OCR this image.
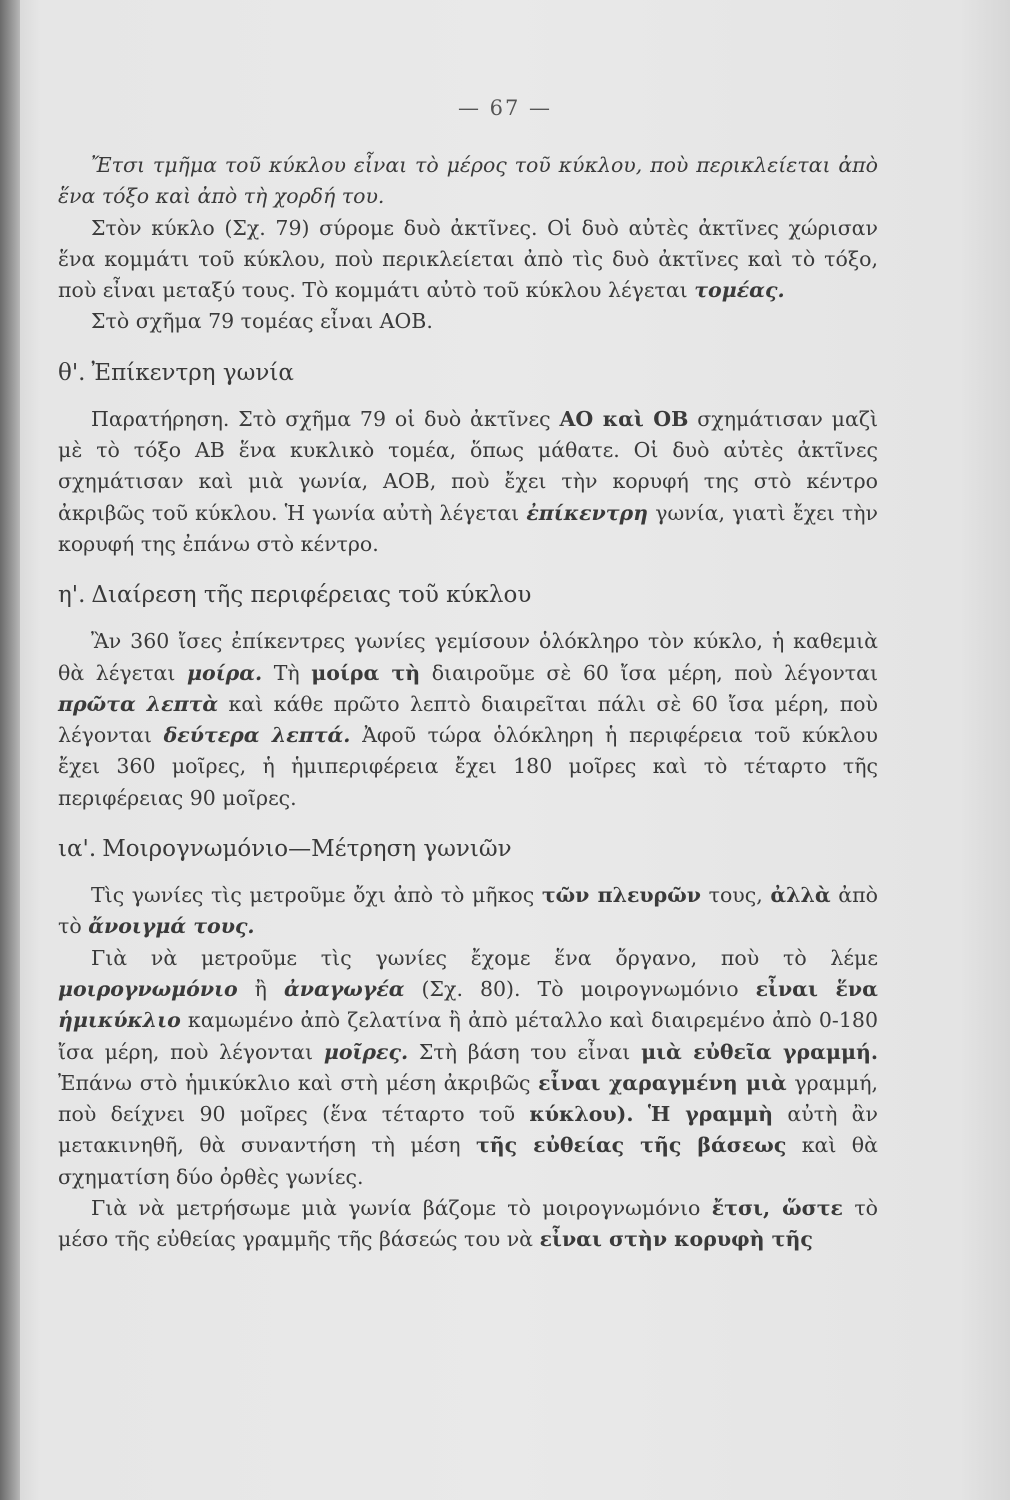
— 67 —

Ἔτσι τμῆμα τοῦ κύκλου εἶναι τὸ μέρος τοῦ κύκλου, ποὺ περικλείεται ἀπὸ ἕνα τόξο καὶ ἀπὸ τὴ χορδή του.

Στὸν κύκλο (Σχ. 79) σύρομε δυὸ ἀκτῖνες. Οἱ δυὸ αὐτὲς ἀκτῖνες χώρισαν ἕνα κομμάτι τοῦ κύκλου, ποὺ περικλείεται ἀπὸ τὶς δυὸ ἀκτῖνες καὶ τὸ τόξο, ποὺ εἶναι μεταξύ τους. Τὸ κομμάτι αὐτὸ τοῦ κύκλου λέγεται τομέας.

Στὸ σχῆμα 79 τομέας εἶναι ΑΟΒ.

θ'. Ἐπίκεντρη γωνία

Παρατήρηση. Στὸ σχῆμα 79 οἱ δυὸ ἀκτῖνες ΑΟ καὶ ΟΒ σχημάτισαν μαζὶ μὲ τὸ τόξο ΑΒ ἕνα κυκλικὸ τομέα, ὅπως μάθατε. Οἱ δυὸ αὐτὲς ἀκτῖνες σχημάτισαν καὶ μιὰ γωνία, ΑΟΒ, ποὺ ἔχει τὴν κορυφή της στὸ κέντρο ἀκριβῶς τοῦ κύκλου. Ἡ γωνία αὐτὴ λέγεται ἐπίκεντρη γωνία, γιατὶ ἔχει τὴν κορυφή της ἐπάνω στὸ κέντρο.

η'. Διαίρεση τῆς περιφέρειας τοῦ κύκλου

Ἂν 360 ἴσες ἐπίκεντρες γωνίες γεμίσουν ὁλόκληρο τὸν κύκλο, ἡ καθεμιὰ θὰ λέγεται μοίρα. Τὴ μοίρα τὴ διαιροῦμε σὲ 60 ἴσα μέρη, ποὺ λέγονται πρῶτα λεπτὰ καὶ κάθε πρῶτο λεπτὸ διαιρεῖται πάλι σὲ 60 ἴσα μέρη, ποὺ λέγονται δεύτερα λεπτά. Ἀφοῦ τώρα ὁλόκληρη ἡ περιφέρεια τοῦ κύκλου ἔχει 360 μοῖρες, ἡ ἡμιπεριφέρεια ἔχει 180 μοῖρες καὶ τὸ τέταρτο τῆς περιφέρειας 90 μοῖρες.

ια'. Μοιρογνωμόνιο—Μέτρηση γωνιῶν

Τὶς γωνίες τὶς μετροῦμε ὄχι ἀπὸ τὸ μῆκος τῶν πλευρῶν τους, ἀλλὰ ἀπὸ τὸ ἄνοιγμά τους.

Γιὰ νὰ μετροῦμε τὶς γωνίες ἔχομε ἕνα ὄργανο, ποὺ τὸ λέμε μοιρογνωμόνιο ἢ ἀναγωγέα (Σχ. 80). Τὸ μοιρογνωμόνιο εἶναι ἕνα ἡμικύκλιο καμωμένο ἀπὸ ζελατίνα ἢ ἀπὸ μέταλλο καὶ διαιρεμένο ἀπὸ 0-180 ἴσα μέρη, ποὺ λέγονται μοῖρες. Στὴ βάση του εἶναι μιὰ εὐθεῖα γραμμή. Ἐπάνω στὸ ἡμικύκλιο καὶ στὴ μέση ἀκριβῶς εἶναι χαραγμένη μιὰ γραμμή, ποὺ δείχνει 90 μοῖρες (ἕνα τέταρτο τοῦ κύκλου). Ἡ γραμμὴ αὐτὴ ἂν μετακινηθῆ, θὰ συναντήση τὴ μέση τῆς εὐθείας τῆς βάσεως καὶ θὰ σχηματίση δύο ὀρθὲς γωνίες.

Γιὰ νὰ μετρήσωμε μιὰ γωνία βάζομε τὸ μοιρογνωμόνιο ἔτσι, ὥστε τὸ μέσο τῆς εὐθείας γραμμῆς τῆς βάσεώς του νὰ εἶναι στὴν κορυφὴ τῆς
